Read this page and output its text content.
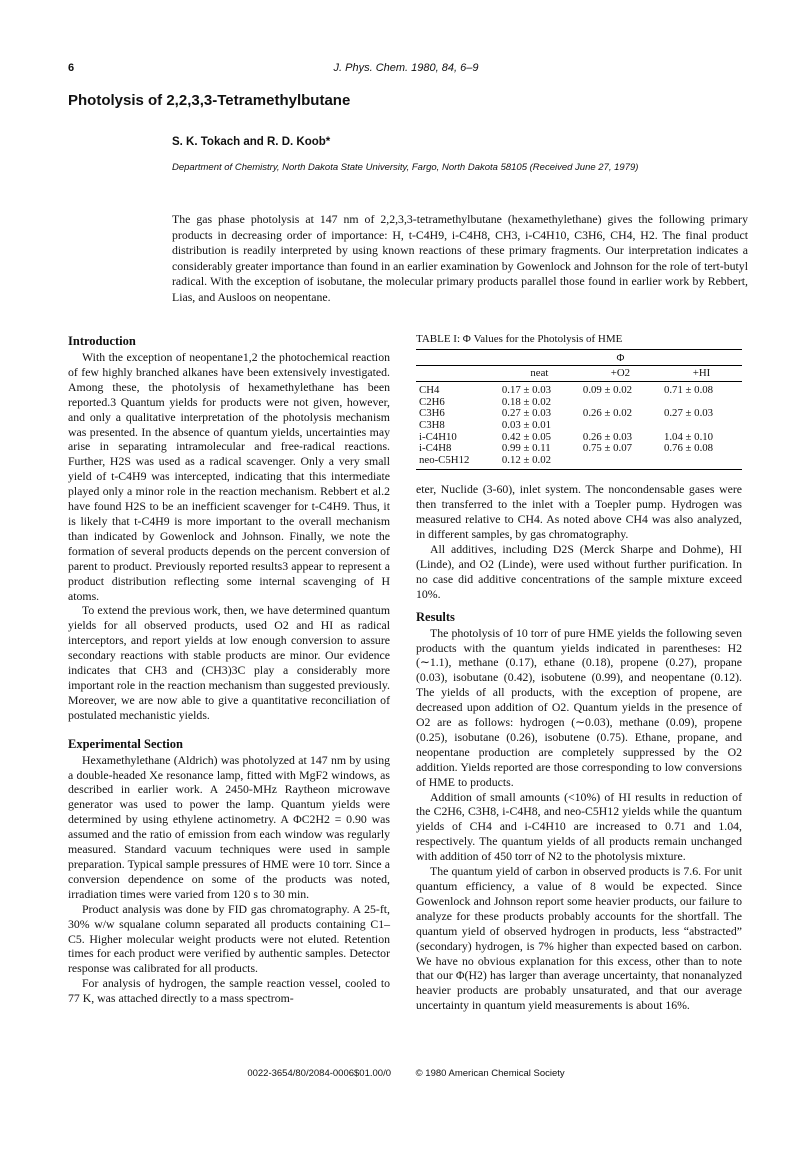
6	J. Phys. Chem. 1980, 84, 6–9
Photolysis of 2,2,3,3-Tetramethylbutane
S. K. Tokach and R. D. Koob*
Department of Chemistry, North Dakota State University, Fargo, North Dakota 58105 (Received June 27, 1979)

The gas phase photolysis at 147 nm of 2,2,3,3-tetramethylbutane (hexamethylethane) gives the following primary products in decreasing order of importance: H, t-C4H9, i-C4H8, CH3, i-C4H10, C3H6, CH4, H2. The final product distribution is readily interpreted by using known reactions of these primary fragments. Our interpretation indicates a considerably greater importance than found in an earlier examination by Gowenlock and Johnson for the role of tert-butyl radical. With the exception of isobutane, the molecular primary products parallel those found in earlier work by Rebbert, Lias, and Ausloos on neopentane.

Introduction

With the exception of neopentane1,2 the photochemical reaction of few highly branched alkanes have been extensively investigated. Among these, the photolysis of hexamethylethane has been reported.3 Quantum yields for products were not given, however, and only a qualitative interpretation of the photolysis mechanism was presented. In the absence of quantum yields, uncertainties may arise in separating intramolecular and free-radical reactions. Further, H2S was used as a radical scavenger. Only a very small yield of t-C4H9 was intercepted, indicating that this intermediate played only a minor role in the reaction mechanism. Rebbert et al.2 have found H2S to be an inefficient scavenger for t-C4H9. Thus, it is likely that t-C4H9 is more important to the overall mechanism than indicated by Gowenlock and Johnson. Finally, we note the formation of several products depends on the percent conversion of parent to product. Previously reported results3 appear to represent a product distribution reflecting some internal scavenging of H atoms.

To extend the previous work, then, we have determined quantum yields for all observed products, used O2 and HI as radical interceptors, and report yields at low enough conversion to assure secondary reactions with stable products are minor. Our evidence indicates that CH3 and (CH3)3C play a considerably more important role in the reaction mechanism than suggested previously. Moreover, we are now able to give a quantitative reconciliation of postulated mechanistic yields.

Experimental Section

Hexamethylethane (Aldrich) was photolyzed at 147 nm by using a double-headed Xe resonance lamp, fitted with MgF2 windows, as described in earlier work. A 2450-MHz Raytheon microwave generator was used to power the lamp. Quantum yields were determined by using ethylene actinometry. A ΦC2H2 = 0.90 was assumed and the ratio of emission from each window was regularly measured. Standard vacuum techniques were used in sample preparation. Typical sample pressures of HME were 10 torr. Since a conversion dependence on some of the products was noted, irradiation times were varied from 120 s to 30 min.

Product analysis was done by FID gas chromatography. A 25-ft, 30% w/w squalane column separated all products containing C1–C5. Higher molecular weight products were not eluted. Retention times for each product were verified by authentic samples. Detector response was calibrated for all products.

For analysis of hydrogen, the sample reaction vessel, cooled to 77 K, was attached directly to a mass spectrom-

TABLE I: Φ Values for the Photolysis of HME
	Φ		
	neat	+O2	+HI
CH4	0.17 ± 0.03	0.09 ± 0.02	0.71 ± 0.08
C2H6	0.18 ± 0.02		
C3H6	0.27 ± 0.03	0.26 ± 0.02	0.27 ± 0.03
C3H8	0.03 ± 0.01		
i-C4H10	0.42 ± 0.05	0.26 ± 0.03	1.04 ± 0.10
i-C4H8	0.99 ± 0.11	0.75 ± 0.07	0.76 ± 0.08
neo-C5H12	0.12 ± 0.02		

eter, Nuclide (3-60), inlet system. The noncondensable gases were then transferred to the inlet with a Toepler pump. Hydrogen was measured relative to CH4. As noted above CH4 was also analyzed, in different samples, by gas chromatography.

All additives, including D2S (Merck Sharpe and Dohme), HI (Linde), and O2 (Linde), were used without further purification. In no case did additive concentrations of the sample mixture exceed 10%.

Results

The photolysis of 10 torr of pure HME yields the following seven products with the quantum yields indicated in parentheses: H2 (∼1.1), methane (0.17), ethane (0.18), propene (0.27), propane (0.03), isobutane (0.42), isobutene (0.99), and neopentane (0.12). The yields of all products, with the exception of propene, are decreased upon addition of O2. Quantum yields in the presence of O2 are as follows: hydrogen (∼0.03), methane (0.09), propene (0.25), isobutane (0.26), isobutene (0.75). Ethane, propane, and neopentane production are completely suppressed by the O2 addition. Yields reported are those corresponding to low conversions of HME to products.

Addition of small amounts (<10%) of HI results in reduction of the C2H6, C3H8, i-C4H8, and neo-C5H12 yields while the quantum yields of CH4 and i-C4H10 are increased to 0.71 and 1.04, respectively. The quantum yields of all products remain unchanged with addition of 450 torr of N2 to the photolysis mixture.

The quantum yield of carbon in observed products is 7.6. For unit quantum efficiency, a value of 8 would be expected. Since Gowenlock and Johnson report some heavier products, our failure to analyze for these products probably accounts for the shortfall. The quantum yield of observed hydrogen in products, less “abstracted” (secondary) hydrogen, is 7% higher than expected based on carbon. We have no obvious explanation for this excess, other than to note that our Φ(H2) has larger than average uncertainty, that nonanalyzed heavier products are probably unsaturated, and that our average uncertainty in quantum yield measurements is about 16%.

0022-3654/80/2084-0006$01.00/0	© 1980 American Chemical Society
